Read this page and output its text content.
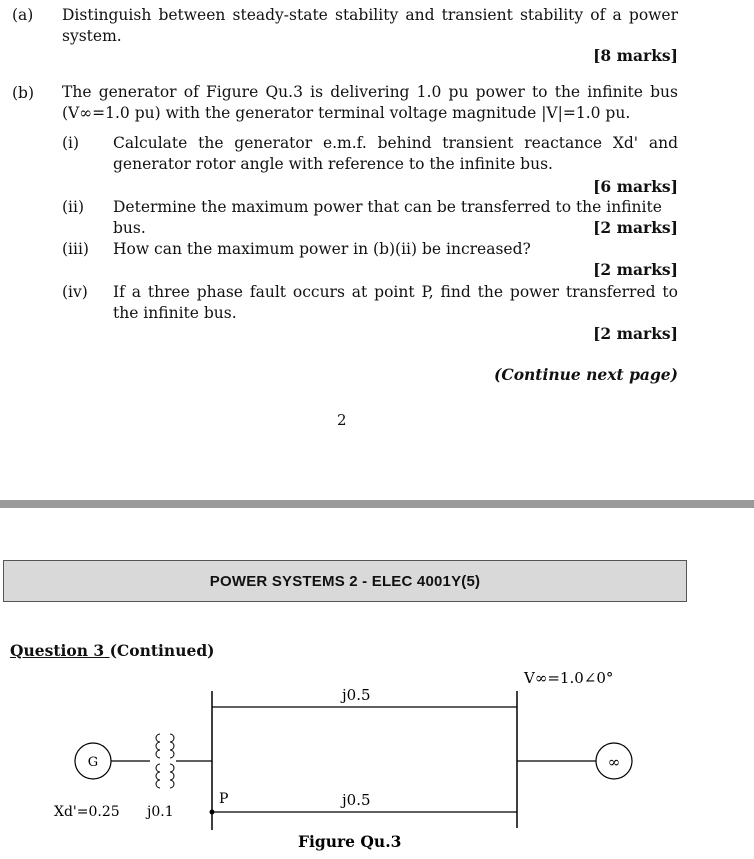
(a) Distinguish between steady-state stability and transient stability of a power system.
[8 marks]
(b) The generator of Figure Qu.3 is delivering 1.0 pu power to the infinite bus (V∞=1.0 pu) with the generator terminal voltage magnitude |V|=1.0 pu.
(i) Calculate the generator e.m.f. behind transient reactance Xd' and generator rotor angle with reference to the infinite bus.
[6 marks]
(ii) Determine the maximum power that can be transferred to the infinite bus.	[2 marks]
(iii) How can the maximum power in (b)(ii) be increased?
[2 marks]
(iv) If a three phase fault occurs at point P, find the power transferred to the infinite bus.
[2 marks]
(Continue next page)
2
POWER SYSTEMS 2 - ELEC 4001Y(5)
Question 3 (Continued)
V∞=1.0∠0°
j0.5
j0.5
G
P
∞
Xd'=0.25 j0.1
Figure Qu.3
